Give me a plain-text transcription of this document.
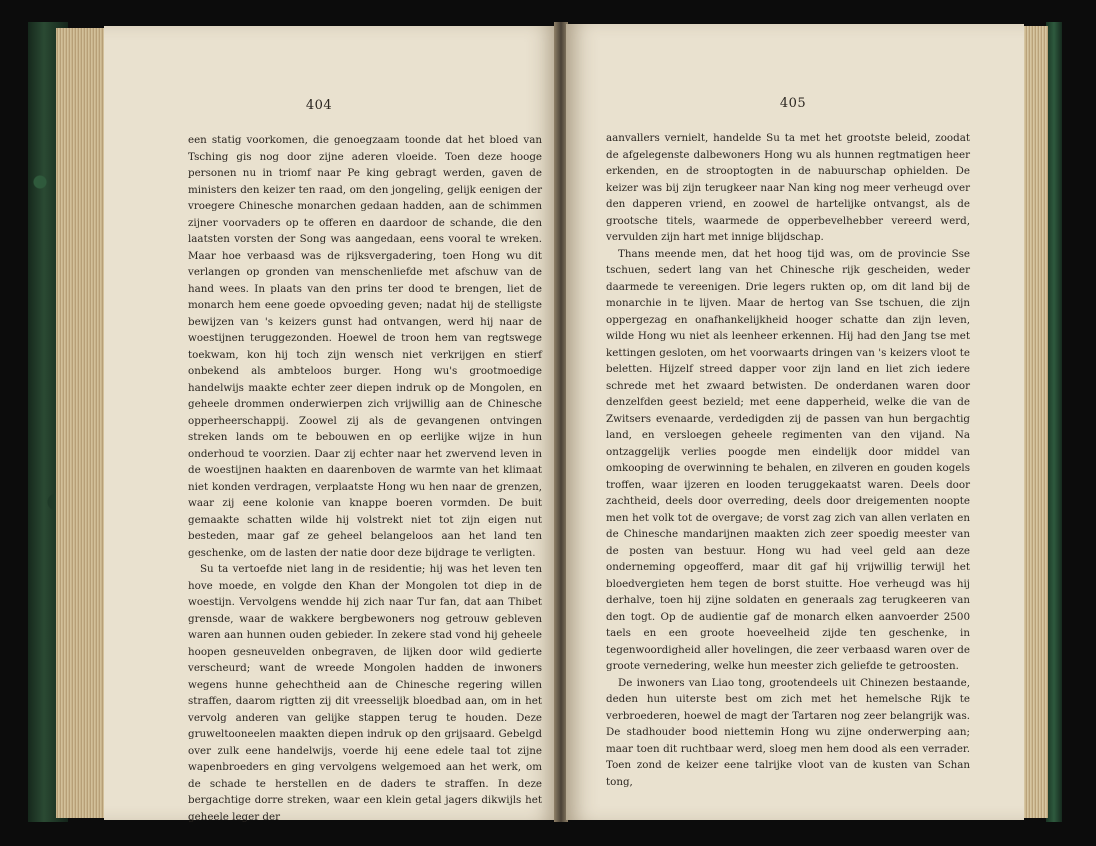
404

een statig voorkomen, die genoegzaam toonde dat het bloed van Tsching gis nog door zijne aderen vloeide. Toen deze hooge personen nu in triomf naar Pe king gebragt werden, gaven de ministers den keizer ten raad, om den jongeling, gelijk eenigen der vroegere Chinesche monarchen gedaan hadden, aan de schimmen zijner voorvaders op te offeren en daardoor de schande, die den laatsten vorsten der Song was aangedaan, eens vooral te wreken. Maar hoe verbaasd was de rijksvergadering, toen Hong wu dit verlangen op gronden van menschenliefde met afschuw van de hand wees. In plaats van den prins ter dood te brengen, liet de monarch hem eene goede opvoeding geven; nadat hij de stelligste bewijzen van 's keizers gunst had ontvangen, werd hij naar de woestijnen teruggezonden. Hoewel de troon hem van regtswege toekwam, kon hij toch zijn wensch niet verkrijgen en stierf onbekend als ambteloos burger. Hong wu's grootmoedige handelwijs maakte echter zeer diepen indruk op de Mongolen, en geheele drommen onderwierpen zich vrijwillig aan de Chinesche opperheerschappij. Zoowel zij als de gevangenen ontvingen streken lands om te bebouwen en op eerlijke wijze in hun onderhoud te voorzien. Daar zij echter naar het zwervend leven in de woestijnen haakten en daarenboven de warmte van het klimaat niet konden verdragen, verplaatste Hong wu hen naar de grenzen, waar zij eene kolonie van knappe boeren vormden. De buit gemaakte schatten wilde hij volstrekt niet tot zijn eigen nut besteden, maar gaf ze geheel belangeloos aan het land ten geschenke, om de lasten der natie door deze bijdrage te verligten.

Su ta vertoefde niet lang in de residentie; hij was het leven ten hove moede, en volgde den Khan der Mongolen tot diep in de woestijn. Vervolgens wendde hij zich naar Tur fan, dat aan Thibet grensde, waar de wakkere bergbewoners nog getrouw gebleven waren aan hunnen ouden gebieder. In zekere stad vond hij geheele hoopen gesneuvelden onbegraven, de lijken door wild gedierte verscheurd; want de wreede Mongolen hadden de inwoners wegens hunne gehechtheid aan de Chinesche regering willen straffen, daarom rigtten zij dit vreesselijk bloedbad aan, om in het vervolg anderen van gelijke stappen terug te houden. Deze gruweltooneelen maakten diepen indruk op den grijsaard. Gebelgd over zulk eene handelwijs, voerde hij eene edele taal tot zijne wapenbroeders en ging vervolgens welgemoed aan het werk, om de schade te herstellen en de daders te straffen. In deze bergachtige dorre streken, waar een klein getal jagers dikwijls het geheele leger der

405

aanvallers vernielt, handelde Su ta met het grootste beleid, zoodat de afgelegenste dalbewoners Hong wu als hunnen regtmatigen heer erkenden, en de strooptogten in de nabuurschap ophielden. De keizer was bij zijn terugkeer naar Nan king nog meer verheugd over den dapperen vriend, en zoowel de hartelijke ontvangst, als de grootsche titels, waarmede de opperbevelhebber vereerd werd, vervulden zijn hart met innige blijdschap.

Thans meende men, dat het hoog tijd was, om de provincie Sse tschuen, sedert lang van het Chinesche rijk gescheiden, weder daarmede te vereenigen. Drie legers rukten op, om dit land bij de monarchie in te lijven. Maar de hertog van Sse tschuen, die zijn oppergezag en onafhankelijkheid hooger schatte dan zijn leven, wilde Hong wu niet als leenheer erkennen. Hij had den Jang tse met kettingen gesloten, om het voorwaarts dringen van 's keizers vloot te beletten. Hijzelf streed dapper voor zijn land en liet zich iedere schrede met het zwaard betwisten. De onderdanen waren door denzelfden geest bezield; met eene dapperheid, welke die van de Zwitsers evenaarde, verdedigden zij de passen van hun bergachtig land, en versloegen geheele regimenten van den vijand. Na ontzaggelijk verlies poogde men eindelijk door middel van omkooping de overwinning te behalen, en zilveren en gouden kogels troffen, waar ijzeren en looden teruggekaatst waren. Deels door zachtheid, deels door overreding, deels door dreigementen noopte men het volk tot de overgave; de vorst zag zich van allen verlaten en de Chinesche mandarijnen maakten zich zeer spoedig meester van de posten van bestuur. Hong wu had veel geld aan deze onderneming opgeofferd, maar dit gaf hij vrijwillig terwijl het bloedvergieten hem tegen de borst stuitte. Hoe verheugd was hij derhalve, toen hij zijne soldaten en generaals zag terugkeeren van den togt. Op de audientie gaf de monarch elken aanvoerder 2500 taels en een groote hoeveelheid zijde ten geschenke, in tegenwoordigheid aller hovelingen, die zeer verbaasd waren over de groote vernedering, welke hun meester zich geliefde te getroosten.

De inwoners van Liao tong, grootendeels uit Chinezen bestaande, deden hun uiterste best om zich met het hemelsche Rijk te verbroederen, hoewel de magt der Tartaren nog zeer belangrijk was. De stadhouder bood niettemin Hong wu zijne onderwerping aan; maar toen dit ruchtbaar werd, sloeg men hem dood als een verrader. Toen zond de keizer eene talrijke vloot van de kusten van Schan tong,
